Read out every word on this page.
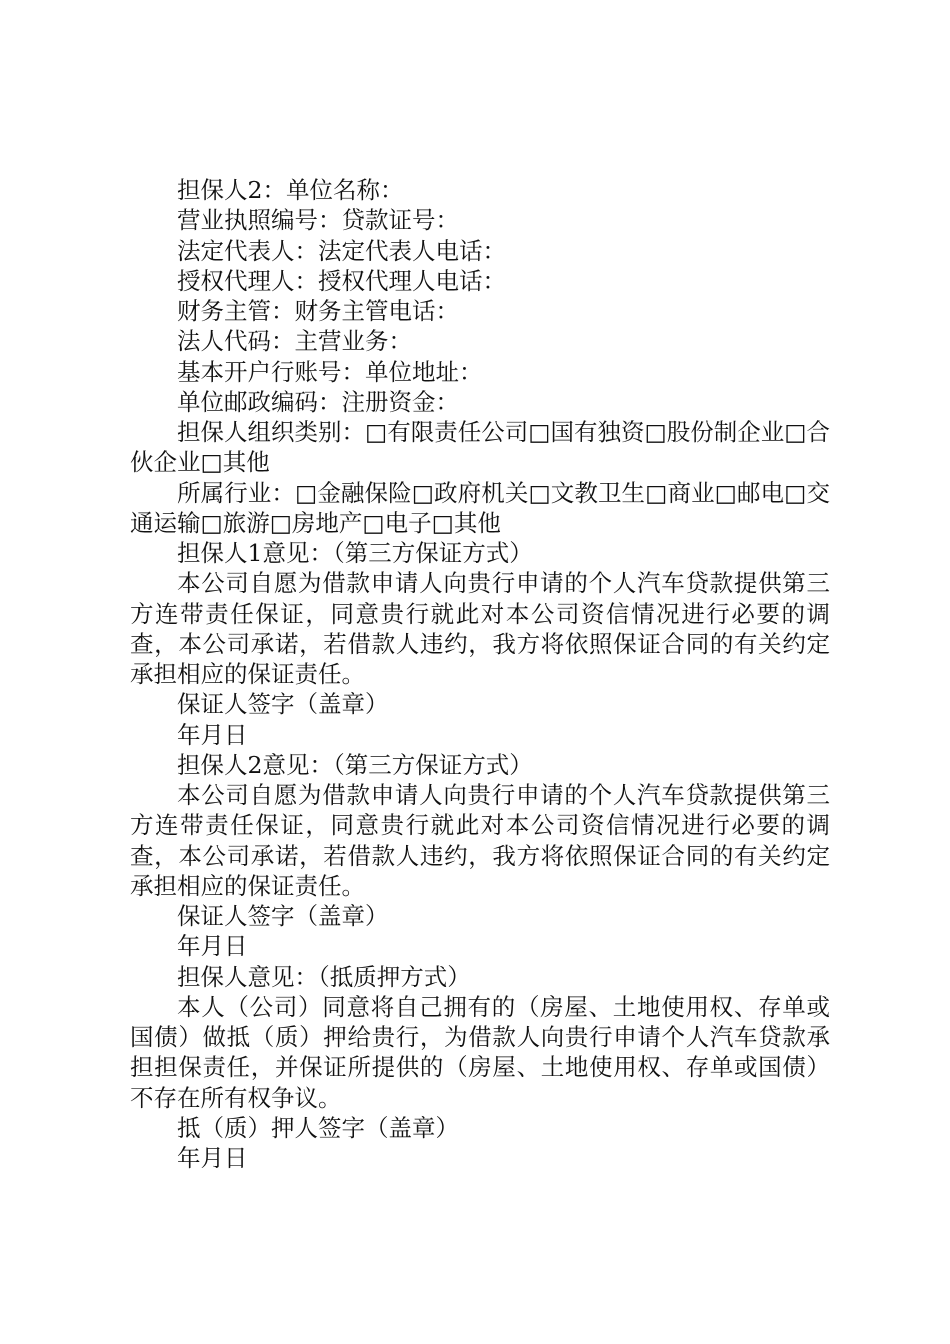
担保人2：单位名称：

营业执照编号：贷款证号：

法定代表人：法定代表人电话：

授权代理人：授权代理人电话：

财务主管：财务主管电话：

法人代码：主营业务：

基本开户行账号：单位地址：

单位邮政编码：注册资金：

担保人组织类别：□有限责任公司□国有独资□股份制企业□合伙企业□其他

所属行业：□金融保险□政府机关□文教卫生□商业□邮电□交通运输□旅游□房地产□电子□其他

担保人1意见：（第三方保证方式）

本公司自愿为借款申请人向贵行申请的个人汽车贷款提供第三方连带责任保证，同意贵行就此对本公司资信情况进行必要的调查，本公司承诺，若借款人违约，我方将依照保证合同的有关约定承担相应的保证责任。

保证人签字（盖章）

年月日

担保人2意见：（第三方保证方式）

本公司自愿为借款申请人向贵行申请的个人汽车贷款提供第三方连带责任保证，同意贵行就此对本公司资信情况进行必要的调查，本公司承诺，若借款人违约，我方将依照保证合同的有关约定承担相应的保证责任。

保证人签字（盖章）

年月日

担保人意见：（抵质押方式）

本人（公司）同意将自己拥有的（房屋、土地使用权、存单或国债）做抵（质）押给贵行，为借款人向贵行申请个人汽车贷款承担担保责任，并保证所提供的（房屋、土地使用权、存单或国债）不存在所有权争议。

抵（质）押人签字（盖章）

年月日
